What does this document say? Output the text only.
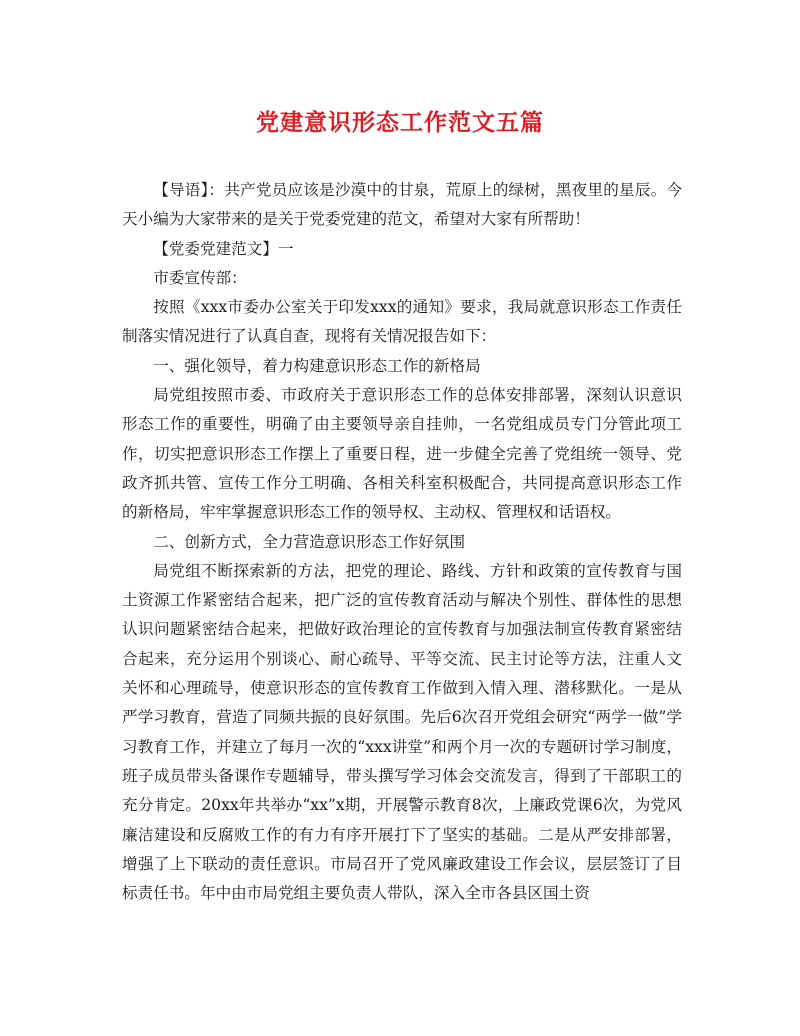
党建意识形态工作范文五篇

【导语】：共产党员应该是沙漠中的甘泉，荒原上的绿树，黑夜里的星辰。今天小编为大家带来的是关于党委党建的范文，希望对大家有所帮助！

【党委党建范文】一

市委宣传部：

按照《xxx市委办公室关于印发xxx的通知》要求，我局就意识形态工作责任制落实情况进行了认真自查，现将有关情况报告如下：

一、强化领导，着力构建意识形态工作的新格局

局党组按照市委、市政府关于意识形态工作的总体安排部署，深刻认识意识形态工作的重要性，明确了由主要领导亲自挂帅，一名党组成员专门分管此项工作，切实把意识形态工作摆上了重要日程，进一步健全完善了党组统一领导、党政齐抓共管、宣传工作分工明确、各相关科室积极配合，共同提高意识形态工作的新格局，牢牢掌握意识形态工作的领导权、主动权、管理权和话语权。

二、创新方式，全力营造意识形态工作好氛围

局党组不断探索新的方法，把党的理论、路线、方针和政策的宣传教育与国土资源工作紧密结合起来，把广泛的宣传教育活动与解决个别性、群体性的思想认识问题紧密结合起来，把做好政治理论的宣传教育与加强法制宣传教育紧密结合起来，充分运用个别谈心、耐心疏导、平等交流、民主讨论等方法，注重人文关怀和心理疏导，使意识形态的宣传教育工作做到入情入理、潜移默化。一是从严学习教育，营造了同频共振的良好氛围。先后6次召开党组会研究“两学一做”学习教育工作，并建立了每月一次的“xxx讲堂”和两个月一次的专题研讨学习制度，班子成员带头备课作专题辅导，带头撰写学习体会交流发言，得到了干部职工的充分肯定。20xx年共举办“xx”x期，开展警示教育8次，上廉政党课6次，为党风廉洁建设和反腐败工作的有力有序开展打下了坚实的基础。二是从严安排部署，增强了上下联动的责任意识。市局召开了党风廉政建设工作会议，层层签订了目标责任书。年中由市局党组主要负责人带队，深入全市各县区国土资
